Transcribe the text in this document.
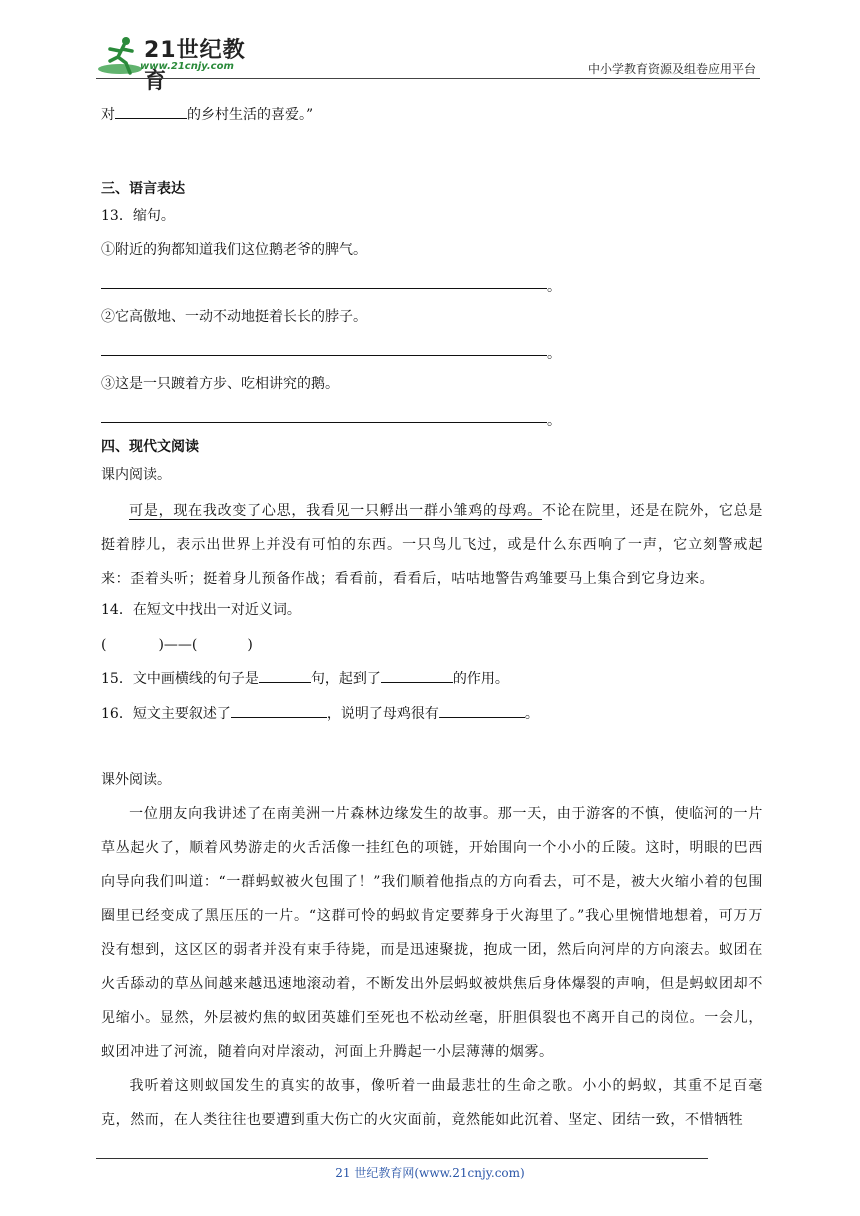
21世纪教育
www.21cnjy.com	中小学教育资源及组卷应用平台
对	的乡村生活的喜爱。”
三、语言表达
13．缩句。
①附近的狗都知道我们这位鹅老爷的脾气。
。
②它高傲地、一动不动地挺着长长的脖子。
。
③这是一只踱着方步、吃相讲究的鹅。
。
四、现代文阅读
课内阅读。
可是，现在我改变了心思，我看见一只孵出一群小雏鸡的母鸡。不论在院里，还是在院外，它总是挺着脖儿，表示出世界上并没有可怕的东西。一只鸟儿飞过，或是什么东西响了一声，它立刻警戒起来：歪着头听；挺着身儿预备作战；看看前，看看后，咕咕地警告鸡雏要马上集合到它身边来。
14．在短文中找出一对近义词。
(	)——(	)
15．文中画横线的句子是	句，起到了	的作用。
16．短文主要叙述了	，说明了母鸡很有	。
课外阅读。
一位朋友向我讲述了在南美洲一片森林边缘发生的故事。那一天，由于游客的不慎，使临河的一片草丛起火了，顺着风势游走的火舌活像一挂红色的项链，开始围向一个小小的丘陵。这时，明眼的巴西向导向我们叫道：“一群蚂蚁被火包围了！”我们顺着他指点的方向看去，可不是，被大火缩小着的包围圈里已经变成了黑压压的一片。“这群可怜的蚂蚁肯定要葬身于火海里了。”我心里惋惜地想着，可万万没有想到，这区区的弱者并没有束手待毙，而是迅速聚拢，抱成一团，然后向河岸的方向滚去。蚁团在火舌舔动的草丛间越来越迅速地滚动着，不断发出外层蚂蚁被烘焦后身体爆裂的声响，但是蚂蚁团却不见缩小。显然，外层被灼焦的蚁团英雄们至死也不松动丝毫，肝胆俱裂也不离开自己的岗位。一会儿，蚁团冲进了河流，随着向对岸滚动，河面上升腾起一小层薄薄的烟雾。
我听着这则蚁国发生的真实的故事，像听着一曲最悲壮的生命之歌。小小的蚂蚁，其重不足百毫克，然而，在人类往往也要遭到重大伤亡的火灾面前，竟然能如此沉着、坚定、团结一致，不惜牺牲
21 世纪教育网(www.21cnjy.com)
